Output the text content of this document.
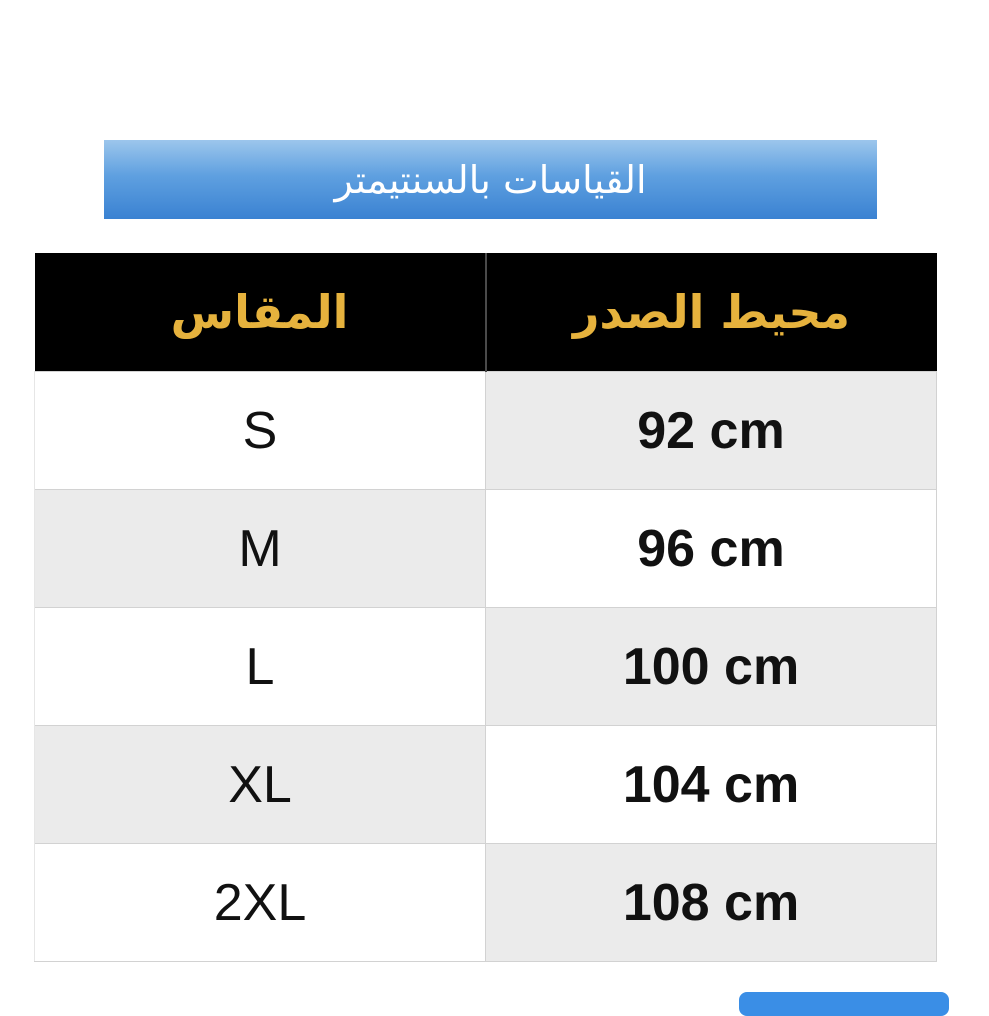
القياسات بالسنتيمتر
المقاس	محيط الصدر
S	92 cm
M	96 cm
L	100 cm
XL	104 cm
2XL	108 cm
